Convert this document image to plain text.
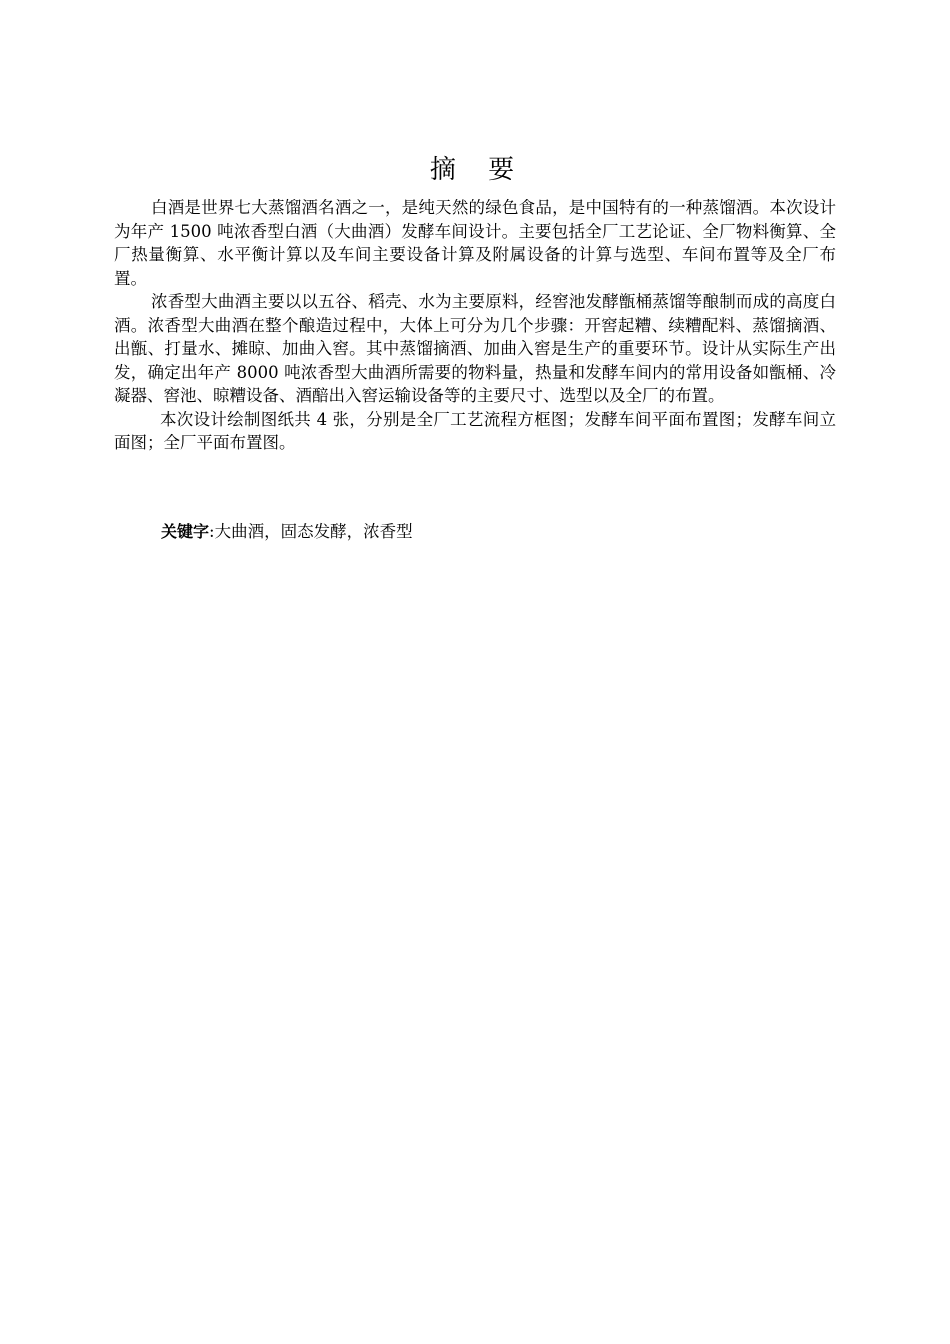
摘 要

白酒是世界七大蒸馏酒名酒之一，是纯天然的绿色食品，是中国特有的一种蒸馏酒。本次设计为年产 1500 吨浓香型白酒（大曲酒）发酵车间设计。主要包括全厂工艺论证、全厂物料衡算、全厂热量衡算、水平衡计算以及车间主要设备计算及附属设备的计算与选型、车间布置等及全厂布置。

浓香型大曲酒主要以以五谷、稻壳、水为主要原料，经窖池发酵甑桶蒸馏等酿制而成的高度白酒。浓香型大曲酒在整个酿造过程中，大体上可分为几个步骤：开窖起糟、续糟配料、蒸馏摘酒、出甑、打量水、摊晾、加曲入窖。其中蒸馏摘酒、加曲入窖是生产的重要环节。设计从实际生产出发，确定出年产 8000 吨浓香型大曲酒所需要的物料量，热量和发酵车间内的常用设备如甑桶、冷凝器、窖池、晾糟设备、酒醅出入窖运输设备等的主要尺寸、选型以及全厂的布置。

本次设计绘制图纸共 4 张，分别是全厂工艺流程方框图；发酵车间平面布置图；发酵车间立面图；全厂平面布置图。

关键字:大曲酒，固态发酵，浓香型
